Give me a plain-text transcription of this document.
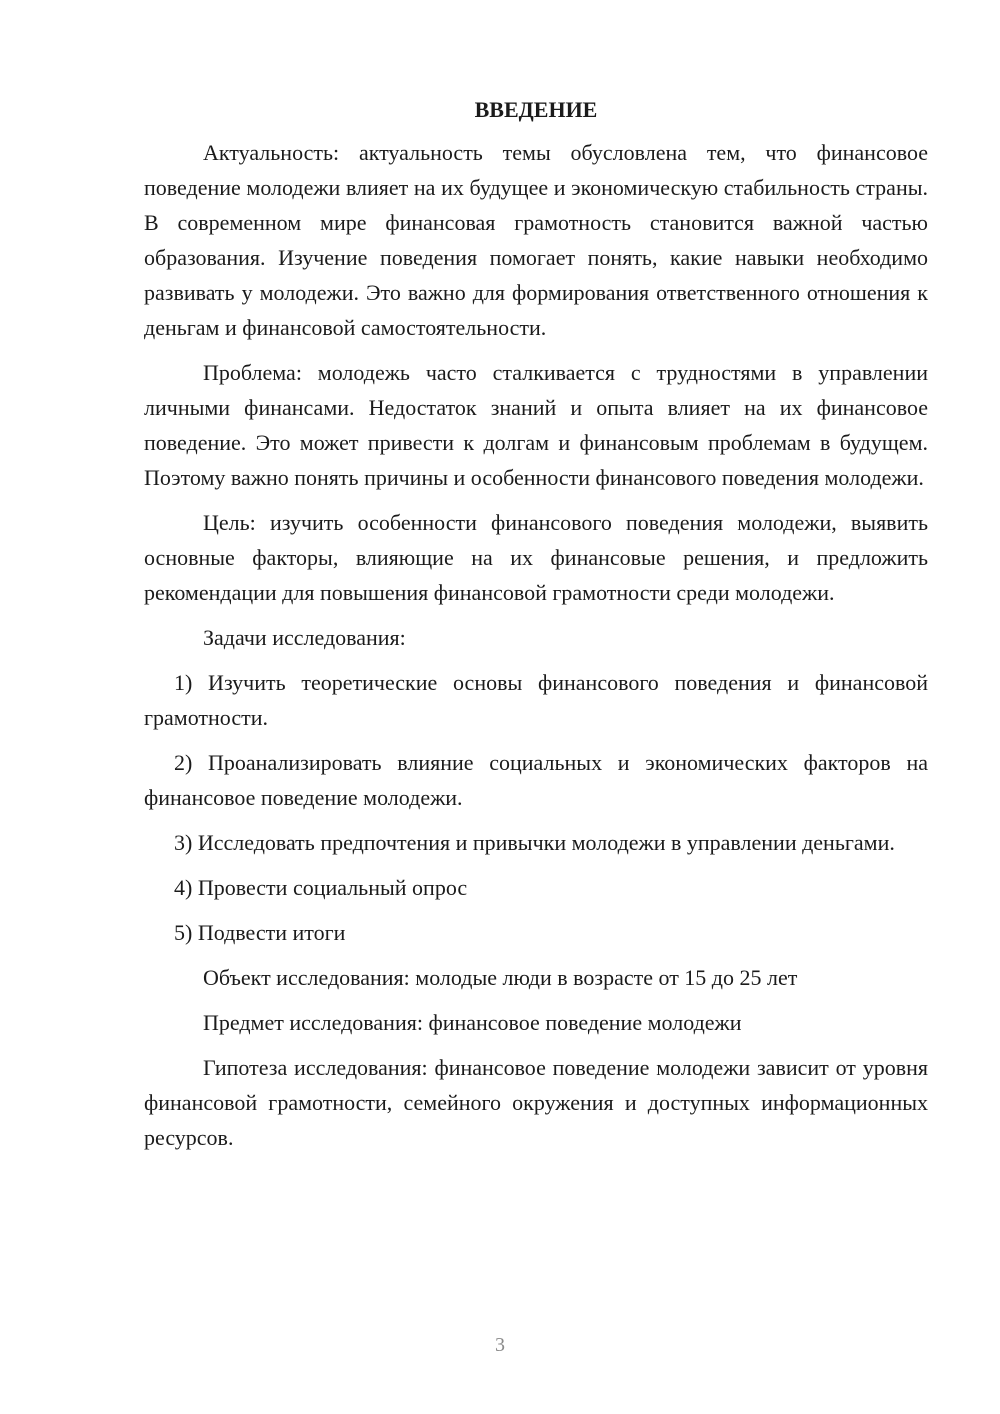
ВВЕДЕНИЕ

Актуальность: актуальность темы обусловлена тем, что финансовое поведение молодежи влияет на их будущее и экономическую стабильность страны. В современном мире финансовая грамотность становится важной частью образования. Изучение поведения помогает понять, какие навыки необходимо развивать у молодежи. Это важно для формирования ответственного отношения к деньгам и финансовой самостоятельности.

Проблема: молодежь часто сталкивается с трудностями в управлении личными финансами. Недостаток знаний и опыта влияет на их финансовое поведение. Это может привести к долгам и финансовым проблемам в будущем. Поэтому важно понять причины и особенности финансового поведения молодежи.

Цель: изучить особенности финансового поведения молодежи, выявить основные факторы, влияющие на их финансовые решения, и предложить рекомендации для повышения финансовой грамотности среди молодежи.

Задачи исследования:

1) Изучить теоретические основы финансового поведения и финансовой грамотности.

2) Проанализировать влияние социальных и экономических факторов на финансовое поведение молодежи.

3) Исследовать предпочтения и привычки молодежи в управлении деньгами.

4) Провести социальный опрос

5) Подвести итоги

Объект исследования: молодые люди в возрасте от 15 до 25 лет

Предмет исследования: финансовое поведение молодежи

Гипотеза исследования: финансовое поведение молодежи зависит от уровня финансовой грамотности, семейного окружения и доступных информационных ресурсов.

3
